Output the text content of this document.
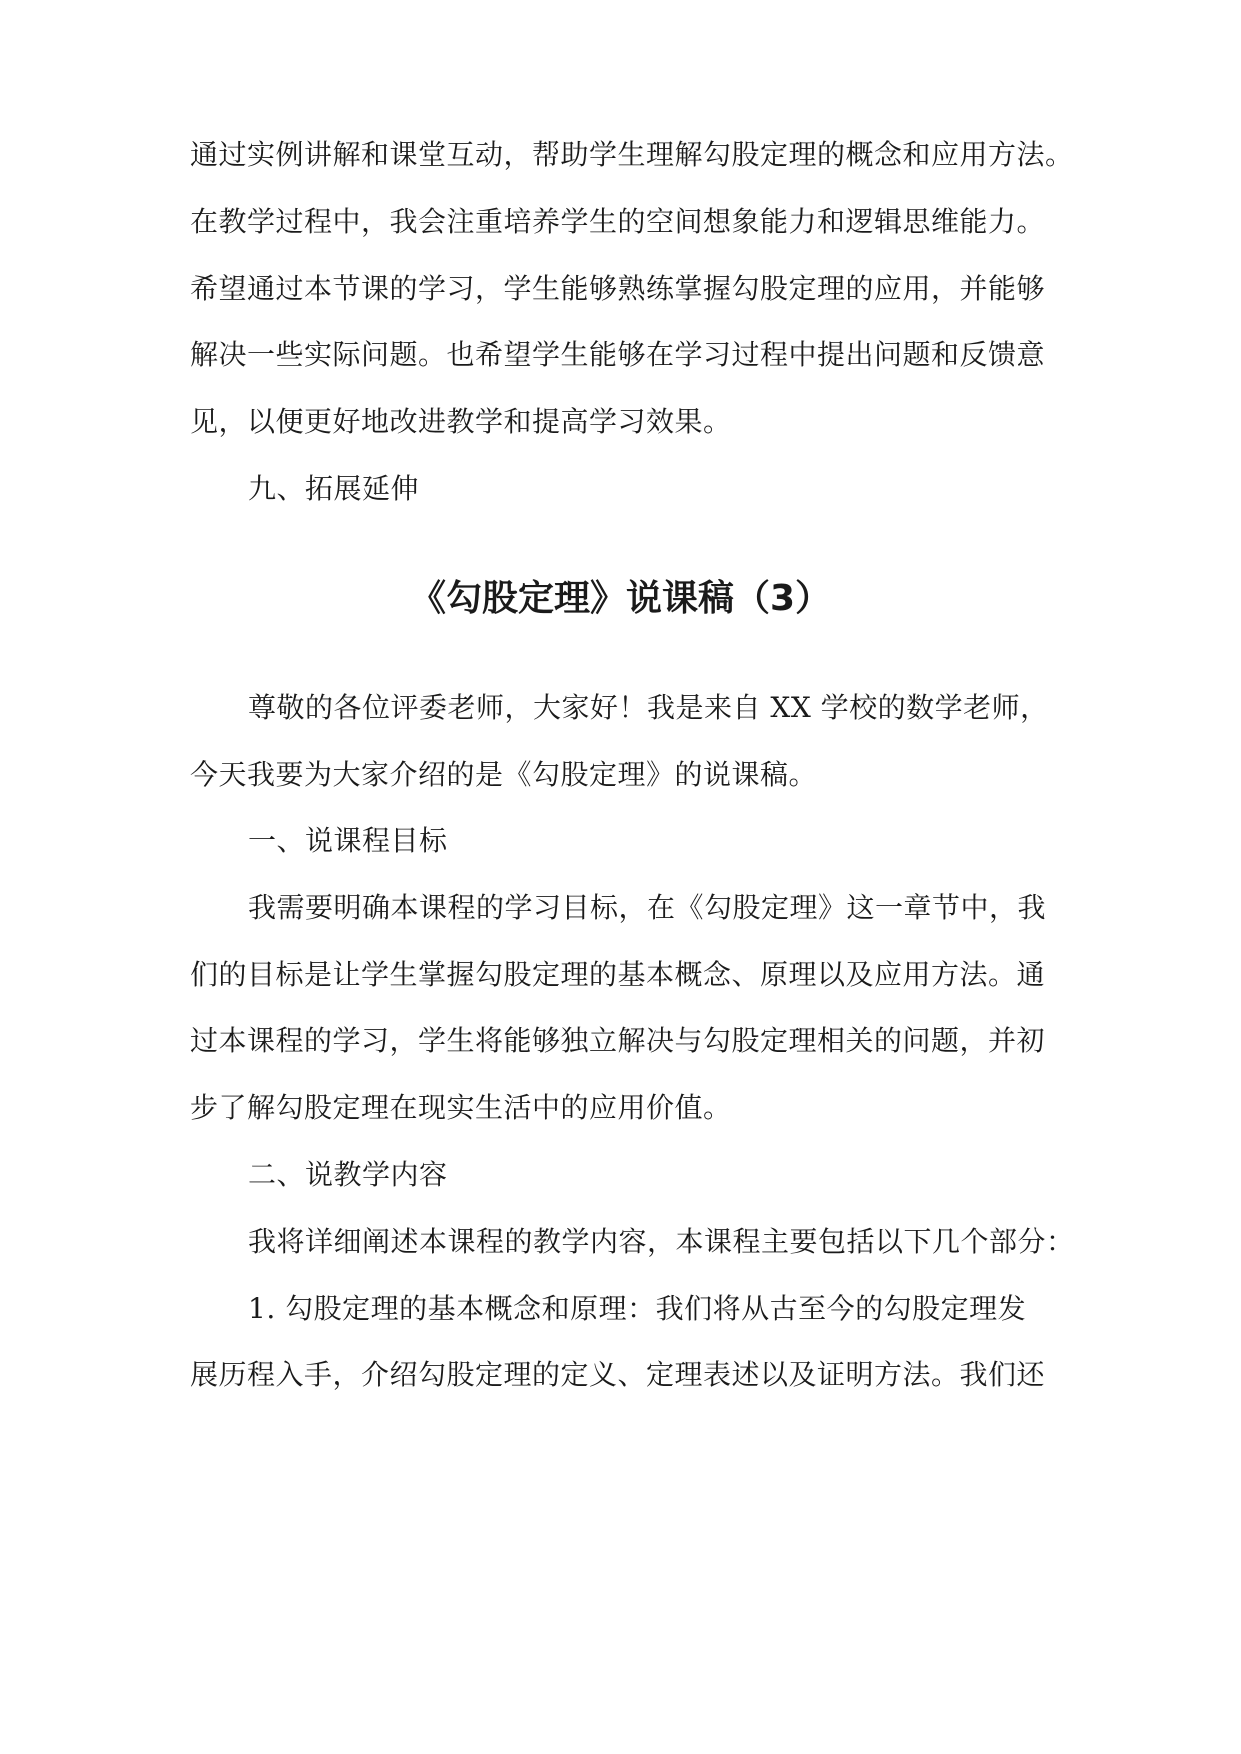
通过实例讲解和课堂互动，帮助学生理解勾股定理的概念和应用方法。
在教学过程中，我会注重培养学生的空间想象能力和逻辑思维能力。
希望通过本节课的学习，学生能够熟练掌握勾股定理的应用，并能够
解决一些实际问题。也希望学生能够在学习过程中提出问题和反馈意
见，以便更好地改进教学和提高学习效果。
九、拓展延伸
《勾股定理》说课稿（3）
尊敬的各位评委老师，大家好！我是来自 XX 学校的数学老师，
今天我要为大家介绍的是《勾股定理》的说课稿。
一、说课程目标
我需要明确本课程的学习目标，在《勾股定理》这一章节中，我
们的目标是让学生掌握勾股定理的基本概念、原理以及应用方法。通
过本课程的学习，学生将能够独立解决与勾股定理相关的问题，并初
步了解勾股定理在现实生活中的应用价值。
二、说教学内容
我将详细阐述本课程的教学内容，本课程主要包括以下几个部分：
1. 勾股定理的基本概念和原理：我们将从古至今的勾股定理发
展历程入手，介绍勾股定理的定义、定理表述以及证明方法。我们还
